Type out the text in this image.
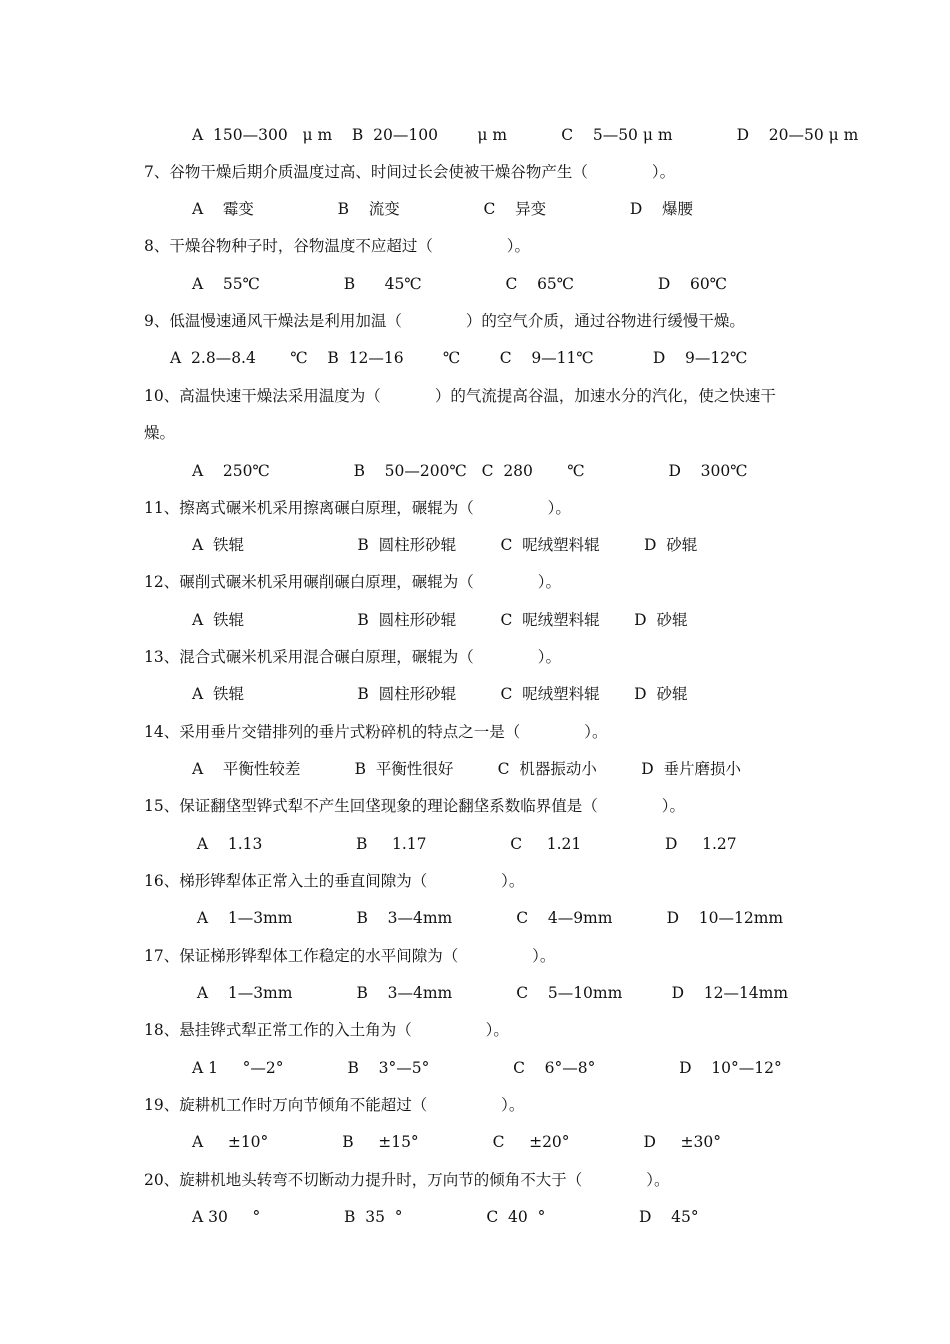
A  150—300   μ m    B  20—100        μ m           C    5—50 μ m             D    20—50 μ m
7、谷物干燥后期介质温度过高、时间过长会使被干燥谷物产生（             ）。
A    霉变                 B    流变                 C    异变                 D    爆腰
8、干燥谷物种子时，谷物温度不应超过（               ）。
A    55℃                 B      45℃                 C    65℃                 D    60℃
9、低温慢速通风干燥法是利用加温（             ）的空气介质，通过谷物进行缓慢干燥。
A  2.8—8.4       ℃    B  12—16        ℃        C    9—11℃            D    9—12℃
10、高温快速干燥法采用温度为（           ）的气流提高谷温，加速水分的汽化，使之快速干
燥。
A    250℃                 B    50—200℃   C  280       ℃                 D    300℃
11、擦离式碾米机采用擦离碾白原理，碾辊为（               ）。
A  铁辊                       B  圆柱形砂辊         C  呢绒塑料辊         D  砂辊
12、碾削式碾米机采用碾削碾白原理，碾辊为（             ）。
A  铁辊                       B  圆柱形砂辊         C  呢绒塑料辊       D  砂辊
13、混合式碾米机采用混合碾白原理，碾辊为（             ）。
A  铁辊                       B  圆柱形砂辊         C  呢绒塑料辊       D  砂辊
14、采用垂片交错排列的垂片式粉碎机的特点之一是（             ）。
A    平衡性较差           B  平衡性很好         C  机器振动小         D  垂片磨损小
15、保证翻垡型铧式犁不产生回垡现象的理论翻垡系数临界值是（             ）。
A    1.13                   B     1.17                 C     1.21                 D     1.27
16、梯形铧犁体正常入土的垂直间隙为（               ）。
A    1—3mm             B    3—4mm             C    4—9mm           D    10—12mm
17、保证梯形铧犁体工作稳定的水平间隙为（               ）。
A    1—3mm             B    3—4mm             C    5—10mm          D    12—14mm
18、悬挂铧式犁正常工作的入土角为（               ）。
A 1     °—2°             B    3°—5°                 C    6°—8°                 D    10°—12°
19、旋耕机工作时万向节倾角不能超过（               ）。
A     ±10°               B     ±15°               C     ±20°               D     ±30°
20、旋耕机地头转弯不切断动力提升时，万向节的倾角不大于（             ）。
A 30     °                 B  35  °                 C  40  °                   D    45°
